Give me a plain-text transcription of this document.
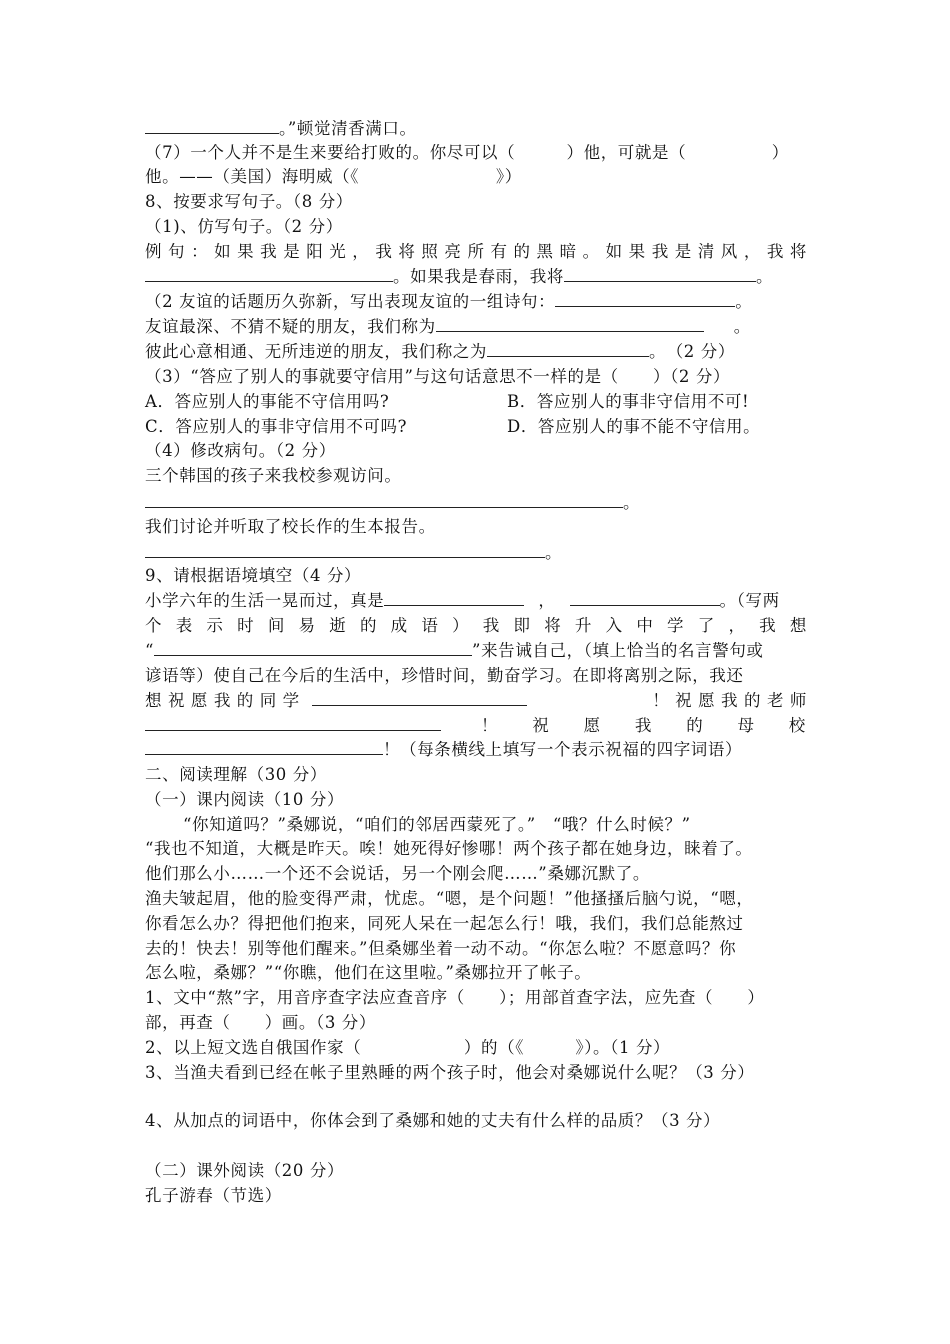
。”顿觉清香满口。
（7）一个人并不是生来要给打败的。你尽可以（　　　）他，可就是（　　　　　）
他。——（美国）海明威（《　　　　　　　　》）
8、按要求写句子。（8 分）
（1)、仿写句子。（2 分）
例句：如果我是阳光，我将照亮所有的黑暗。如果我是清风，我将
。如果我是春雨，我将	。
（2 友谊的话题历久弥新，写出表现友谊的一组诗句：	。
友谊最深、不猜不疑的朋友，我们称为	。
彼此心意相通、无所违逆的朋友，我们称之为	。　（2 分）
（3）“答应了别人的事就要守信用”与这句话意思不一样的是（　　）（2 分）
A．答应别人的事能不守信用吗?	B．答应别人的事非守信用不可!
C．答应别人的事非守信用不可吗?	D．答应别人的事不能不守信用。
（4）修改病句。（2 分）
三个韩国的孩子来我校参观访问。
。
我们讨论并听取了校长作的生本报告。
。
9、请根据语境填空（4 分）
小学六年的生活一晃而过，真是	，	。（写两
个 表 示 时 间 易 逝 的 成 语 ） 我 即 将 升 入 中 学 了 ， 我 想
“	”来告诫自己，（填上恰当的名言警句或
谚语等）使自己在今后的生活中，珍惜时间，勤奋学习。在即将离别之际，我还
想 祝 愿 我 的 同 学	！ 祝 愿 我 的 老 师
！　　祝　　愿　　我　　的　　母　　校
！（每条横线上填写一个表示祝福的四字词语）
二、阅读理解（30 分）
（一）课内阅读（10 分）
“你知道吗？”桑娜说，“咱们的邻居西蒙死了。”　“哦？什么时候？”
“我也不知道，大概是昨天。唉！她死得好惨哪！两个孩子都在她身边，睐着了。
他们那么小……一个还不会说话，另一个刚会爬……”桑娜沉默了。
渔夫皱起眉，他的脸变得严肃，忧虑。“嗯，是个问题！”他搔搔后脑勺说，“嗯，
你看怎么办？得把他们抱来，同死人呆在一起怎么行！哦，我们，我们总能熬过
去的！快去！别等他们醒来。”但桑娜坐着一动不动。“你怎么啦？不愿意吗？你
怎么啦，桑娜？”“你瞧，他们在这里啦。”桑娜拉开了帐子。
1、文中“熬”字，用音序查字法应查音序（　　）；用部首查字法，应先查（　　）
部，再查（　　）画。（3 分）
2、以上短文选自俄国作家（　　　　　　）的（《　　　》）。（1 分）
3、当渔夫看到已经在帐子里熟睡的两个孩子时，他会对桑娜说什么呢？（3 分）
4、从加点的词语中，你体会到了桑娜和她的丈夫有什么样的品质？（3 分）
（二）课外阅读（20 分）
孔子游春（节选）
